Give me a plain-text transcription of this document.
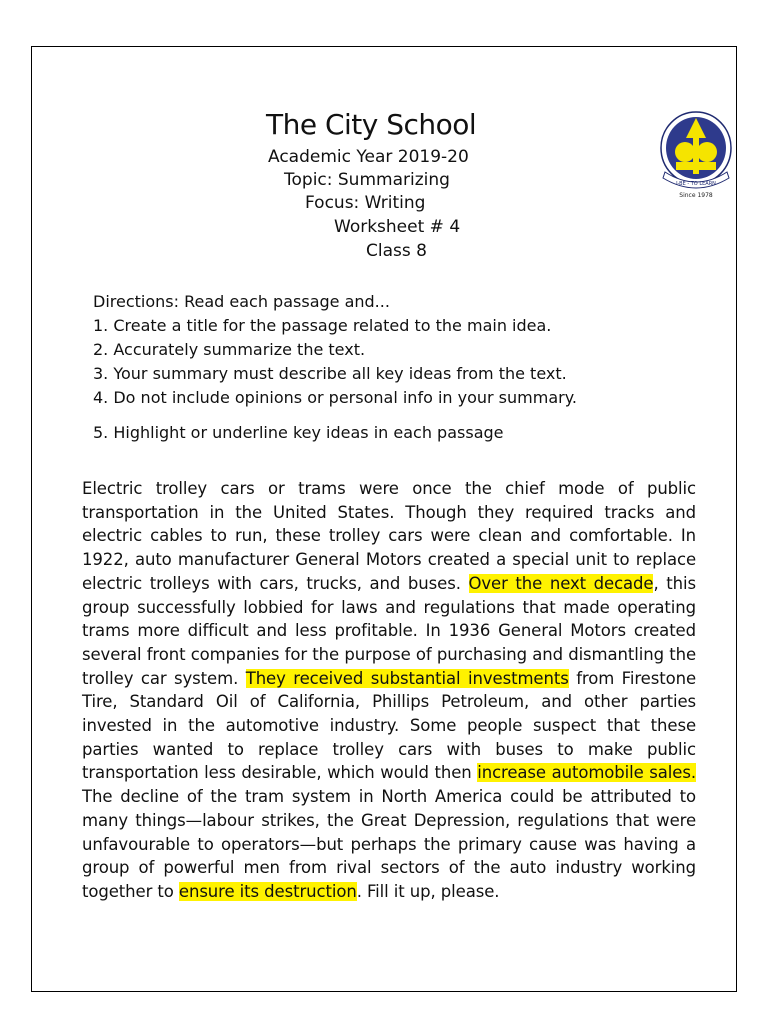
The City School
Academic Year 2019-20
Topic: Summarizing
Focus: Writing
Worksheet # 4
Class 8
I-BE - TO LEARN
Since 1978
Directions: Read each passage and...
1. Create a title for the passage related to the main idea.
2. Accurately summarize the text.
3. Your summary must describe all key ideas from the text.
4. Do not include opinions or personal info in your summary.
5. Highlight or underline key ideas in each passage
Electric trolley cars or trams were once the chief mode of public transportation in the United States. Though they required tracks and electric cables to run, these trolley cars were clean and comfortable. In 1922, auto manufacturer General Motors created a special unit to replace electric trolleys with cars, trucks, and buses. Over the next decade, this group successfully lobbied for laws and regulations that made operating trams more difficult and less profitable. In 1936 General Motors created several front companies for the purpose of purchasing and dismantling the trolley car system. They received substantial investments from Firestone Tire, Standard Oil of California, Phillips Petroleum, and other parties invested in the automotive industry. Some people suspect that these parties wanted to replace trolley cars with buses to make public transportation less desirable, which would then increase automobile sales. The decline of the tram system in North America could be attributed to many things—labour strikes, the Great Depression, regulations that were unfavourable to operators—but perhaps the primary cause was having a group of powerful men from rival sectors of the auto industry working together to ensure its destruction. Fill it up, please.
